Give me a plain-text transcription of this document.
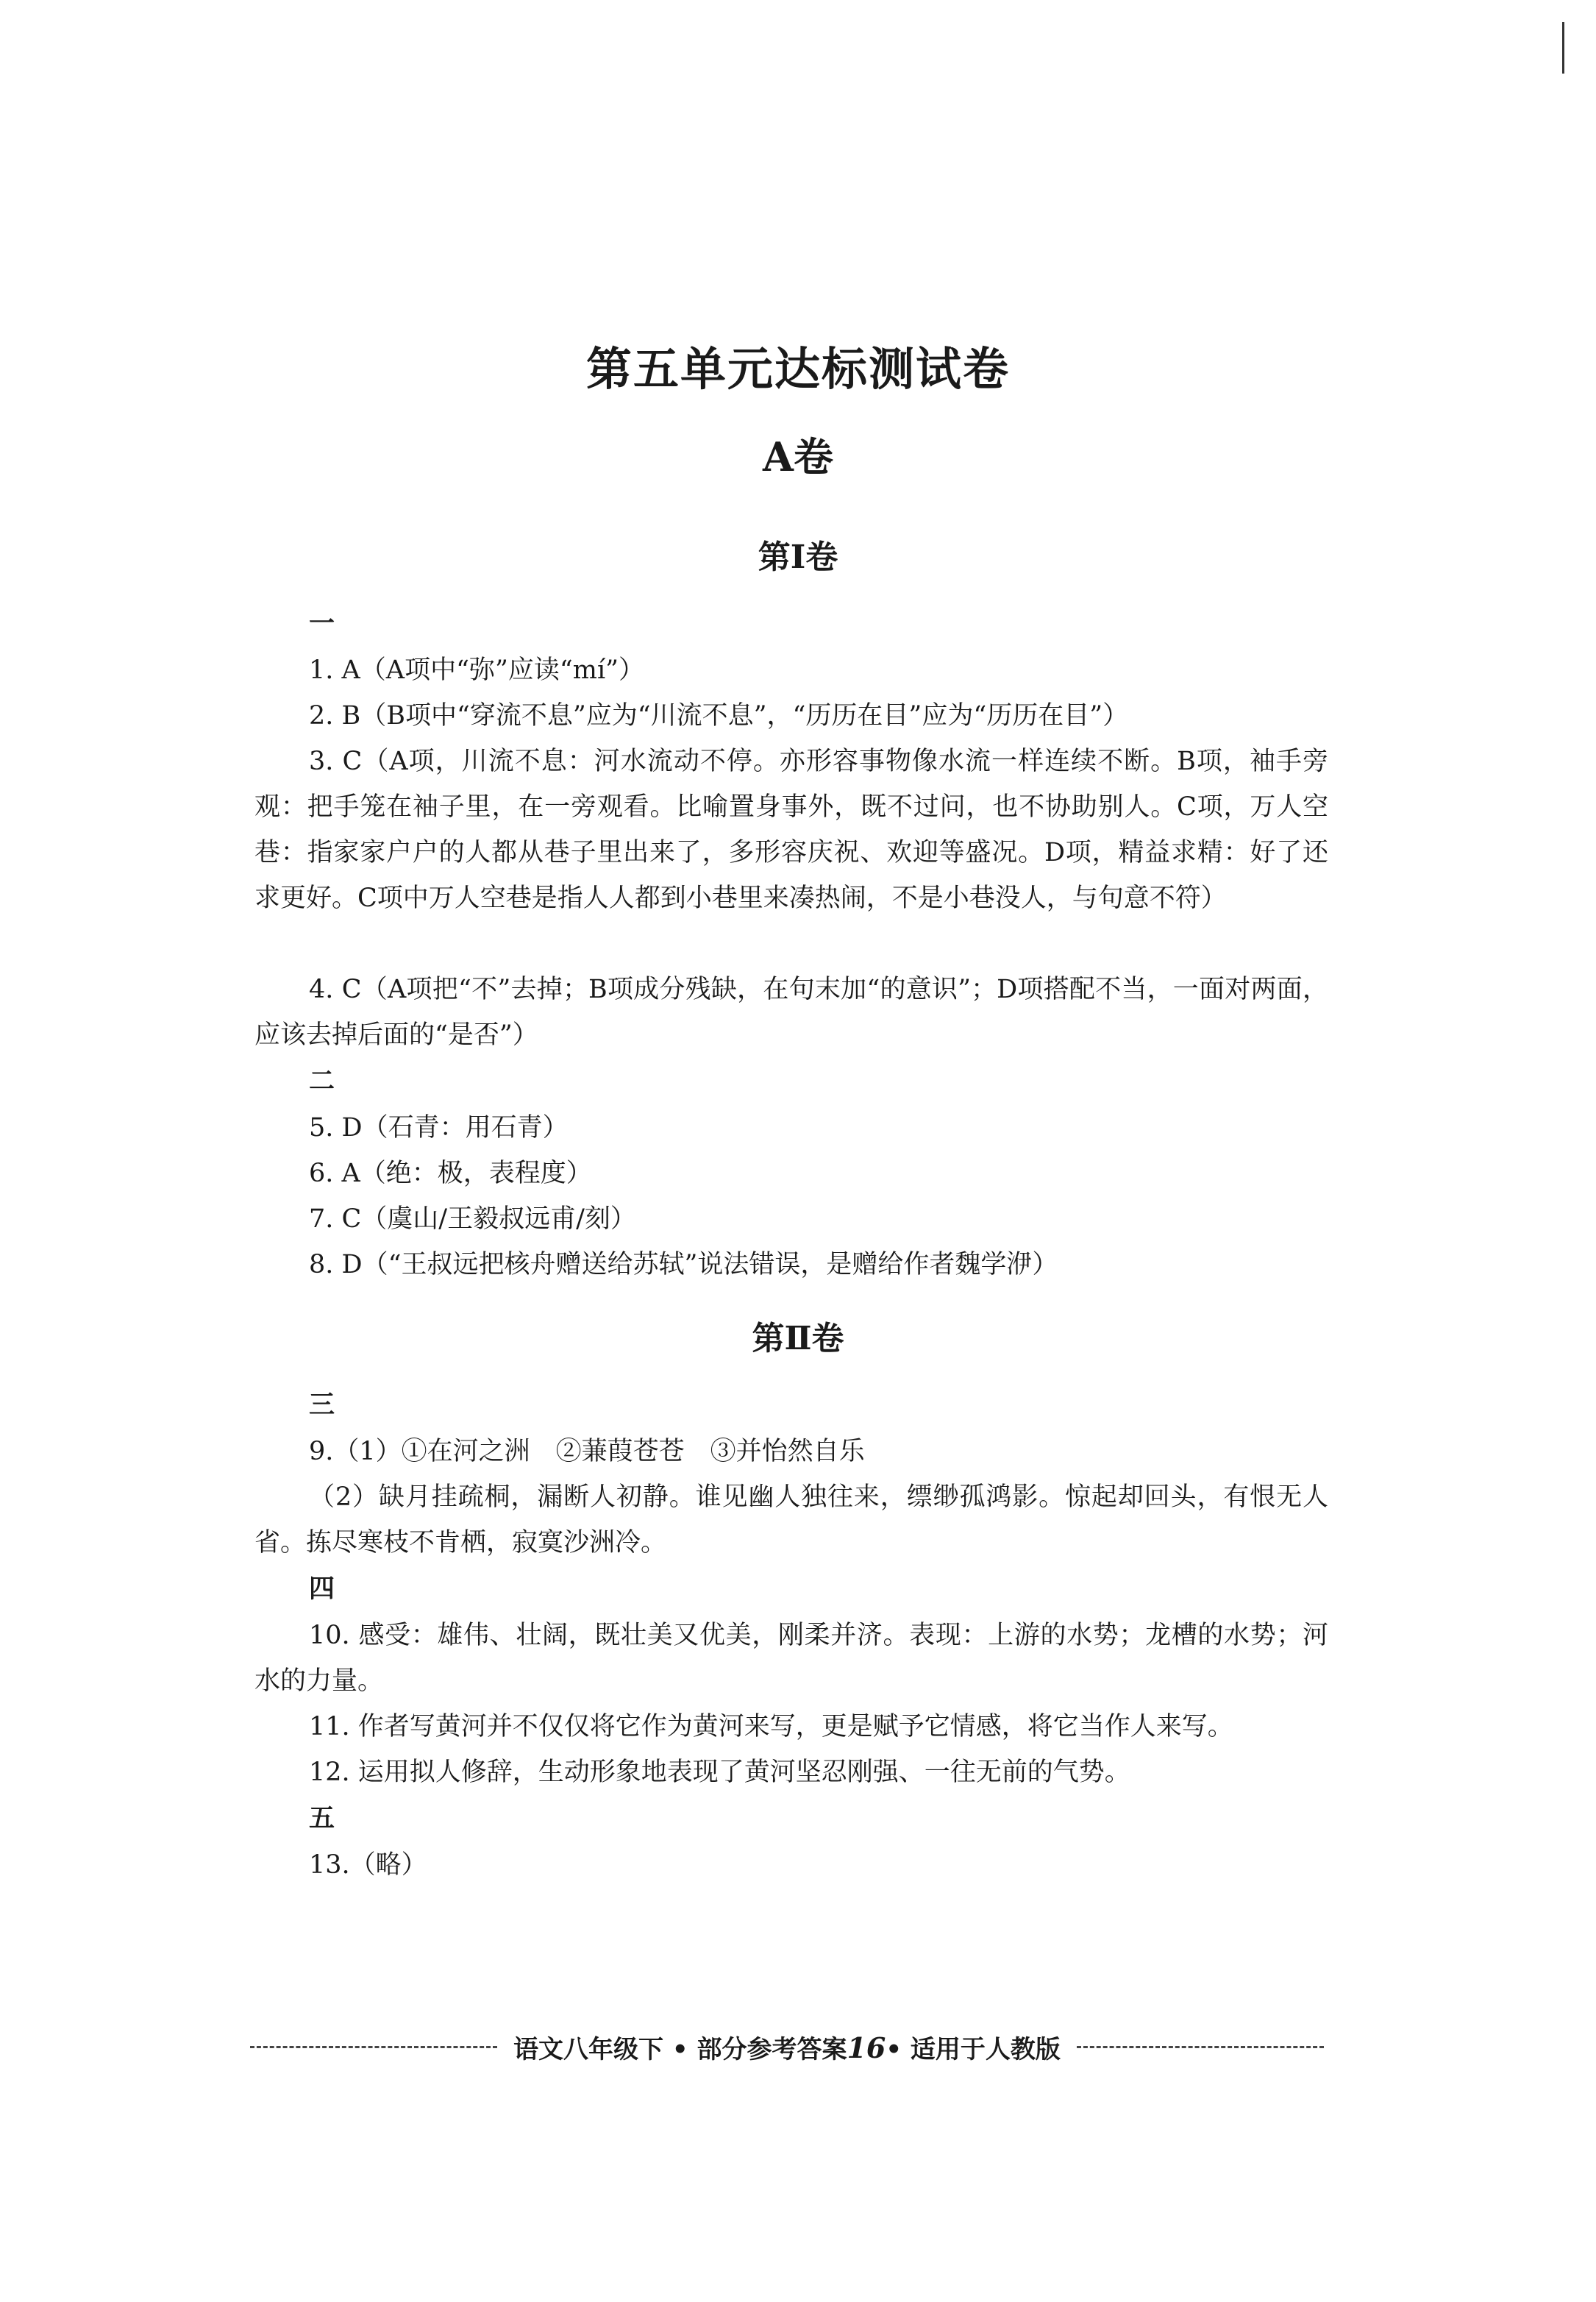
第五单元达标测试卷
A卷
第Ⅰ卷
一

1. A（A项中“弥”应读“mí”）

2. B（B项中“穿流不息”应为“川流不息”，“历历在目”应为“历历在目”）

3. C（A项，川流不息：河水流动不停。亦形容事物像水流一样连续不断。B项，袖手旁观：把手笼在袖子里，在一旁观看。比喻置身事外，既不过问，也不协助别人。C项，万人空巷：指家家户户的人都从巷子里出来了，多形容庆祝、欢迎等盛况。D项，精益求精：好了还求更好。C项中万人空巷是指人人都到小巷里来凑热闹，不是小巷没人，与句意不符）

4. C（A项把“不”去掉；B项成分残缺，在句末加“的意识”；D项搭配不当，一面对两面，应该去掉后面的“是否”）

二

5. D（石青：用石青）

6. A（绝：极，表程度）

7. C（虞山/王毅叔远甫/刻）

8. D（“王叔远把核舟赠送给苏轼”说法错误，是赠给作者魏学洢）

第Ⅱ卷
三

9.（1）①在河之洲　②蒹葭苍苍　③并怡然自乐

（2）缺月挂疏桐，漏断人初静。谁见幽人独往来，缥缈孤鸿影。惊起却回头，有恨无人省。拣尽寒枝不肯栖，寂寞沙洲冷。

四

10. 感受：雄伟、壮阔，既壮美又优美，刚柔并济。表现：上游的水势；龙槽的水势；河水的力量。

11. 作者写黄河并不仅仅将它作为黄河来写，更是赋予它情感，将它当作人来写。

12. 运用拟人修辞，生动形象地表现了黄河坚忍刚强、一往无前的气势。

五

13.（略）

语文八年级下 • 部分参考答案16• 适用于人教版
